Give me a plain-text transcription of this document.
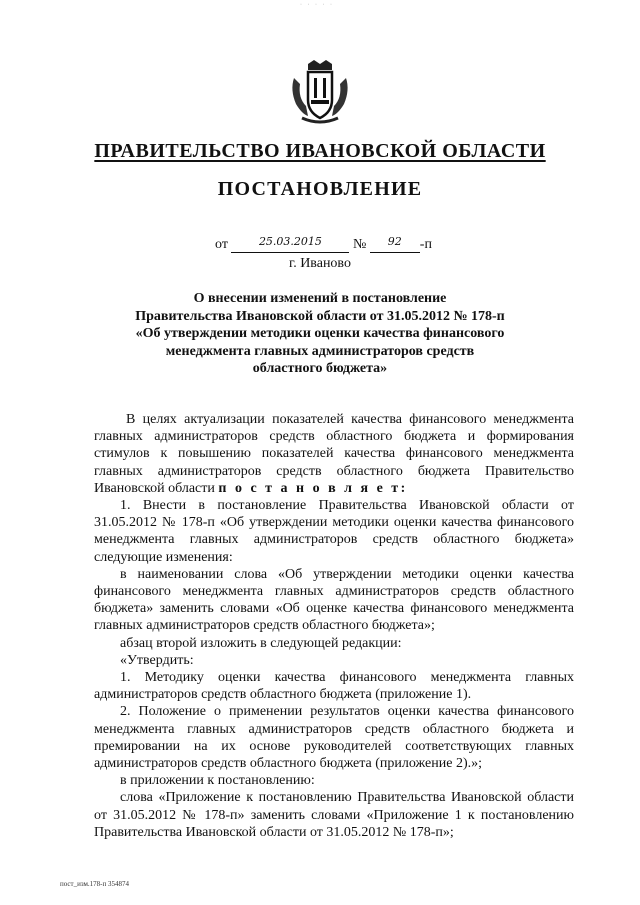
· · · · ·
ПРАВИТЕЛЬСТВО ИВАНОВСКОЙ ОБЛАСТИ
ПОСТАНОВЛЕНИЕ
от	$^{25.03.2015}$ № $^{92}$ -п
г. Иваново
О внесении изменений в постановление
Правительства Ивановской области от 31.05.2012 № 178-п
«Об утверждении методики оценки качества финансового
менеджмента главных администраторов средств
областного бюджета»

В целях актуализации показателей качества финансового менеджмента главных администраторов средств областного бюджета и формирования стимулов к повышению показателей качества финансового менеджмента главных администраторов средств областного бюджета Правительство Ивановской области п о с т а н о в л я е т:

1. Внести в постановление Правительства Ивановской области от 31.05.2012 № 178-п «Об утверждении методики оценки качества финансового менеджмента главных администраторов средств областного бюджета» следующие изменения:

в наименовании слова «Об утверждении методики оценки качества финансового менеджмента главных администраторов средств областного бюджета» заменить словами «Об оценке качества финансового менеджмента главных администраторов средств областного бюджета»;

абзац второй изложить в следующей редакции:

«Утвердить:

1. Методику оценки качества финансового менеджмента главных администраторов средств областного бюджета (приложение 1).

2. Положение о применении результатов оценки качества финансового менеджмента главных администраторов средств областного бюджета и премировании на их основе руководителей соответствующих главных администраторов средств областного бюджета (приложение 2).»;

в приложении к постановлению:

слова «Приложение к постановлению Правительства Ивановской области от 31.05.2012 № 178-п» заменить словами «Приложение 1 к постановлению Правительства Ивановской области от 31.05.2012 № 178-п»;

пост_изм.178-п 354874
